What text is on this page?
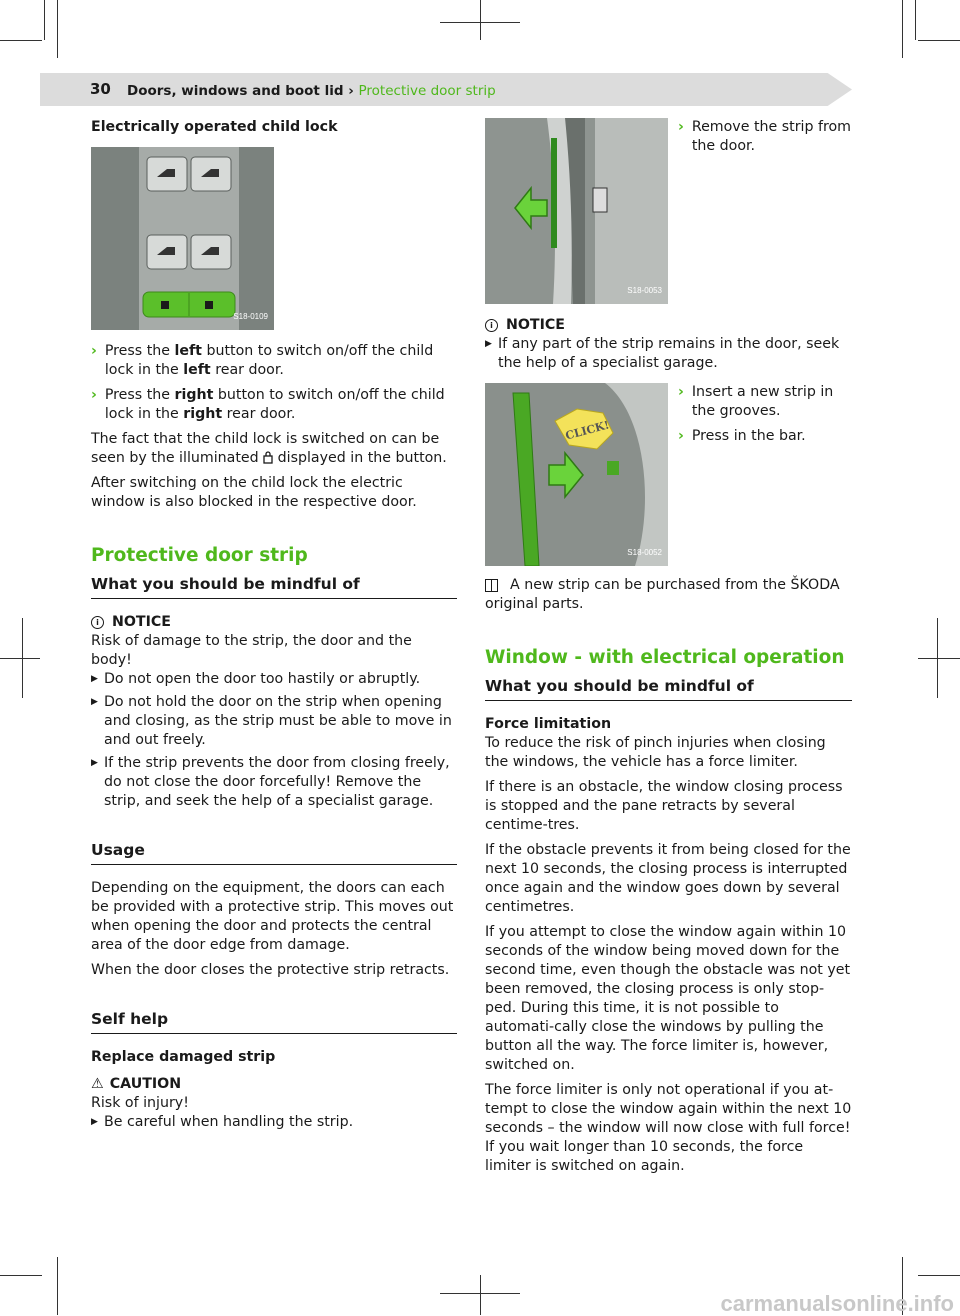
30 Doors, windows and boot lid › Protective door strip

Electrically operated child lock

S18-0109
› Press the left button to switch on/off the child lock in the left rear door.
› Press the right button to switch on/off the child lock in the right rear door.

The fact that the child lock is switched on can be seen by the illuminated  displayed in the button.

After switching on the child lock the electric window is also blocked in the respective door.

Protective door strip
What you should be mindful of
i NOTICE
Risk of damage to the strip, the door and the body!
▶ Do not open the door too hastily or abruptly.
▶ Do not hold the door on the strip when opening and closing, as the strip must be able to move in and out freely.
▶ If the strip prevents the door from closing freely, do not close the door forcefully! Remove the strip, and seek the help of a specialist garage.
Usage

Depending on the equipment, the doors can each be provided with a protective strip. This moves out when opening the door and protects the central area of the door edge from damage.

When the door closes the protective strip retracts.

Self help

Replace damaged strip

⚠ CAUTION
Risk of injury!
▶ Be careful when handling the strip.
S18-0053
› Remove the strip from the door.
i NOTICE
▶ If any part of the strip remains in the door, seek the help of a specialist garage.
CLICK!
S18-0052
› Insert a new strip in the grooves.
› Press in the bar.

A new strip can be purchased from the ŠKODA original parts.

Window - with electrical operation
What you should be mindful of
Force limitation

To reduce the risk of pinch injuries when closing the windows, the vehicle has a force limiter.

If there is an obstacle, the window closing process is stopped and the pane retracts by several centime-tres.

If the obstacle prevents it from being closed for the next 10 seconds, the closing process is interrupted once again and the window goes down by several centimetres.

If you attempt to close the window again within 10 seconds of the window being moved down for the second time, even though the obstacle was not yet been removed, the closing process is only stop-ped. During this time, it is not possible to automati-cally close the windows by pulling the button all the way. The force limiter is, however, switched on.

The force limiter is only not operational if you at-tempt to close the window again within the next 10 seconds – the window will now close with full force! If you wait longer than 10 seconds, the force limiter is switched on again.

carmanualsonline.info
